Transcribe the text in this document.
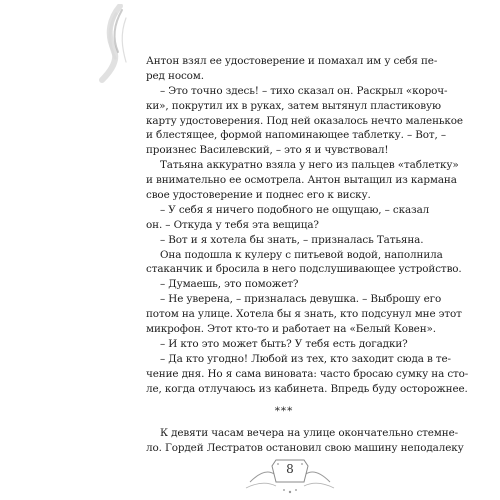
Антон взял ее удостоверение и помахал им у себя пе-
ред носом.
– Это точно здесь! – тихо сказал он. Раскрыл «короч-
ки», покрутил их в руках, затем вытянул пластиковую
карту удостоверения. Под ней оказалось нечто маленькое
и блестящее, формой напоминающее таблетку. – Вот, –
произнес Василевский, – это я и чувствовал!
Татьяна аккуратно взяла у него из пальцев «таблетку»
и внимательно ее осмотрела. Антон вытащил из кармана
свое удостоверение и поднес его к виску.
– У себя я ничего подобного не ощущаю, – сказал
он. – Откуда у тебя эта вещица?
– Вот и я хотела бы знать, – призналась Татьяна.
Она подошла к кулеру с питьевой водой, наполнила
стаканчик и бросила в него подслушивающее устройство.
– Думаешь, это поможет?
– Не уверена, – призналась девушка. – Выброшу его
потом на улице. Хотела бы я знать, кто подсунул мне этот
микрофон. Этот кто-то и работает на «Белый Ковен».
– И кто это может быть? У тебя есть догадки?
– Да кто угодно! Любой из тех, кто заходит сюда в те-
чение дня. Но я сама виновата: часто бросаю сумку на сто-
ле, когда отлучаюсь из кабинета. Впредь буду осторожнее.
***
К девяти часам вечера на улице окончательно стемне-
ло. Гордей Лестратов остановил свою машину неподалеку
8
